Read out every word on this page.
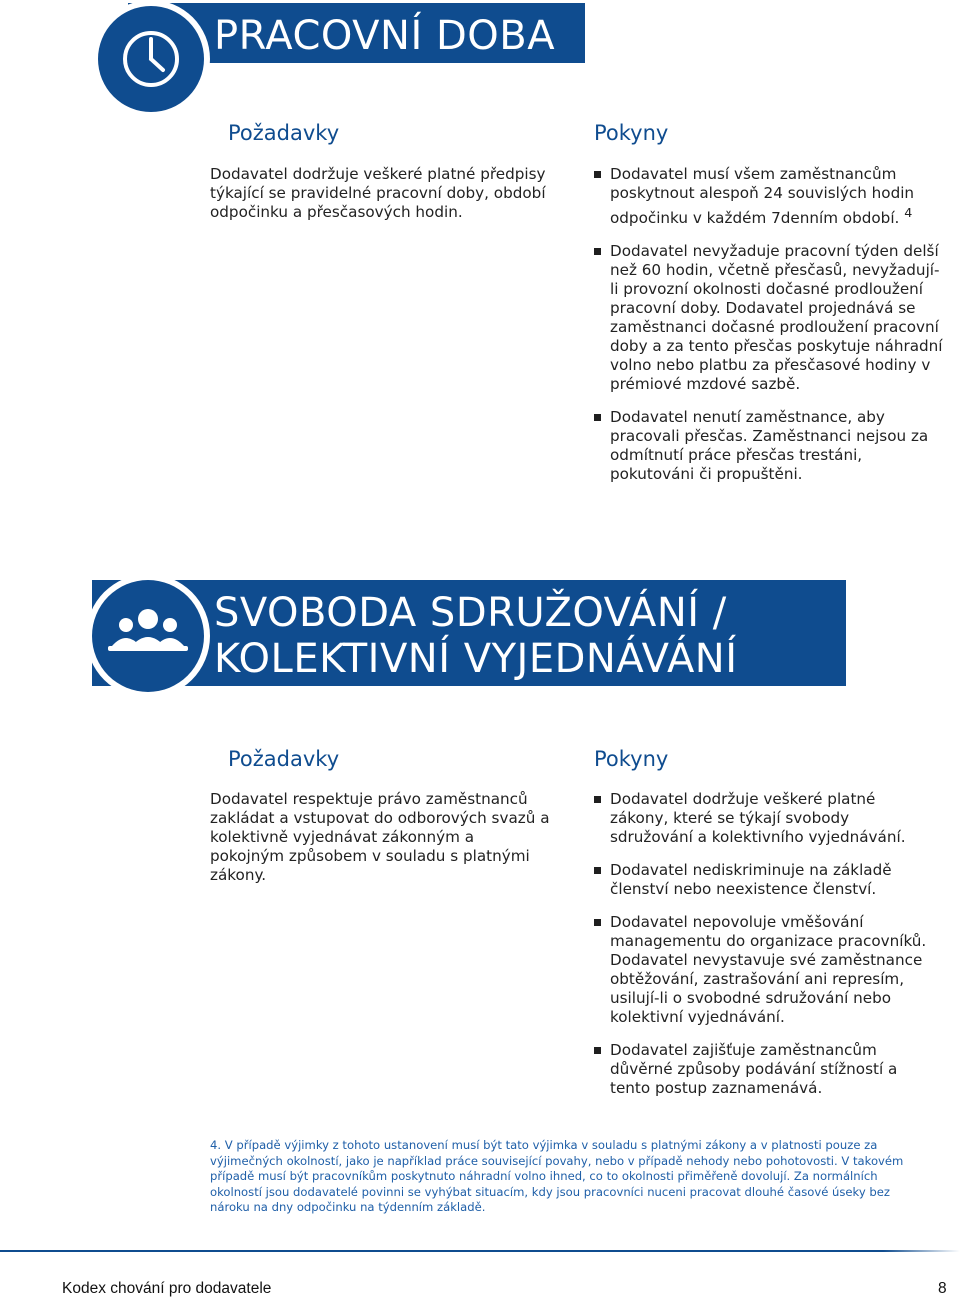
PRACOVNÍ DOBA
Požadavky	Pokyny

Dodavatel dodržuje veškeré platné předpisy týkající se pravidelné pracovní doby, období odpočinku a přesčasových hodin.

Dodavatel musí všem zaměstnancům poskytnout alespoň 24 souvislých hodin odpočinku v každém 7denním období. $^4$
Dodavatel nevyžaduje pracovní týden delší než 60 hodin, včetně přesčasů, nevyžadují-li provozní okolnosti dočasné prodloužení pracovní doby. Dodavatel projednává se zaměstnanci dočasné prodloužení pracovní doby a za tento přesčas poskytuje náhradní volno nebo platbu za přesčasové hodiny v prémiové mzdové sazbě.
Dodavatel nenutí zaměstnance, aby pracovali přesčas. Zaměstnanci nejsou za odmítnutí práce přesčas trestáni, pokutováni či propuštěni.
SVOBODA SDRUŽOVÁNÍ /
KOLEKTIVNÍ VYJEDNÁVÁNÍ
Požadavky	Pokyny

Dodavatel respektuje právo zaměstnanců zakládat a vstupovat do odborových svazů a kolektivně vyjednávat zákonným a pokojným způsobem v souladu s platnými zákony.

Dodavatel dodržuje veškeré platné zákony, které se týkají svobody sdružování a kolektivního vyjednávání.
Dodavatel nediskriminuje na základě členství nebo neexistence členství.
Dodavatel nepovoluje vměšování managementu do organizace pracovníků. Dodavatel nevystavuje své zaměstnance obtěžování, zastrašování ani represím, usilují-li o svobodné sdružování nebo kolektivní vyjednávání.
Dodavatel zajišťuje zaměstnancům důvěrné způsoby podávání stížností a tento postup zaznamenává.

4. V případě výjimky z tohoto ustanovení musí být tato výjimka v souladu s platnými zákony a v platnosti pouze za výjimečných okolností, jako je například práce související povahy, nebo v případě nehody nebo pohotovosti. V takovém případě musí být pracovníkům poskytnuto náhradní volno ihned, co to okolnosti přiměřeně dovolují. Za normálních okolností jsou dodavatelé povinni se vyhýbat situacím, kdy jsou pracovníci nuceni pracovat dlouhé časové úseky bez nároku na dny odpočinku na týdenním základě.

Kodex chování pro dodavatele	8
